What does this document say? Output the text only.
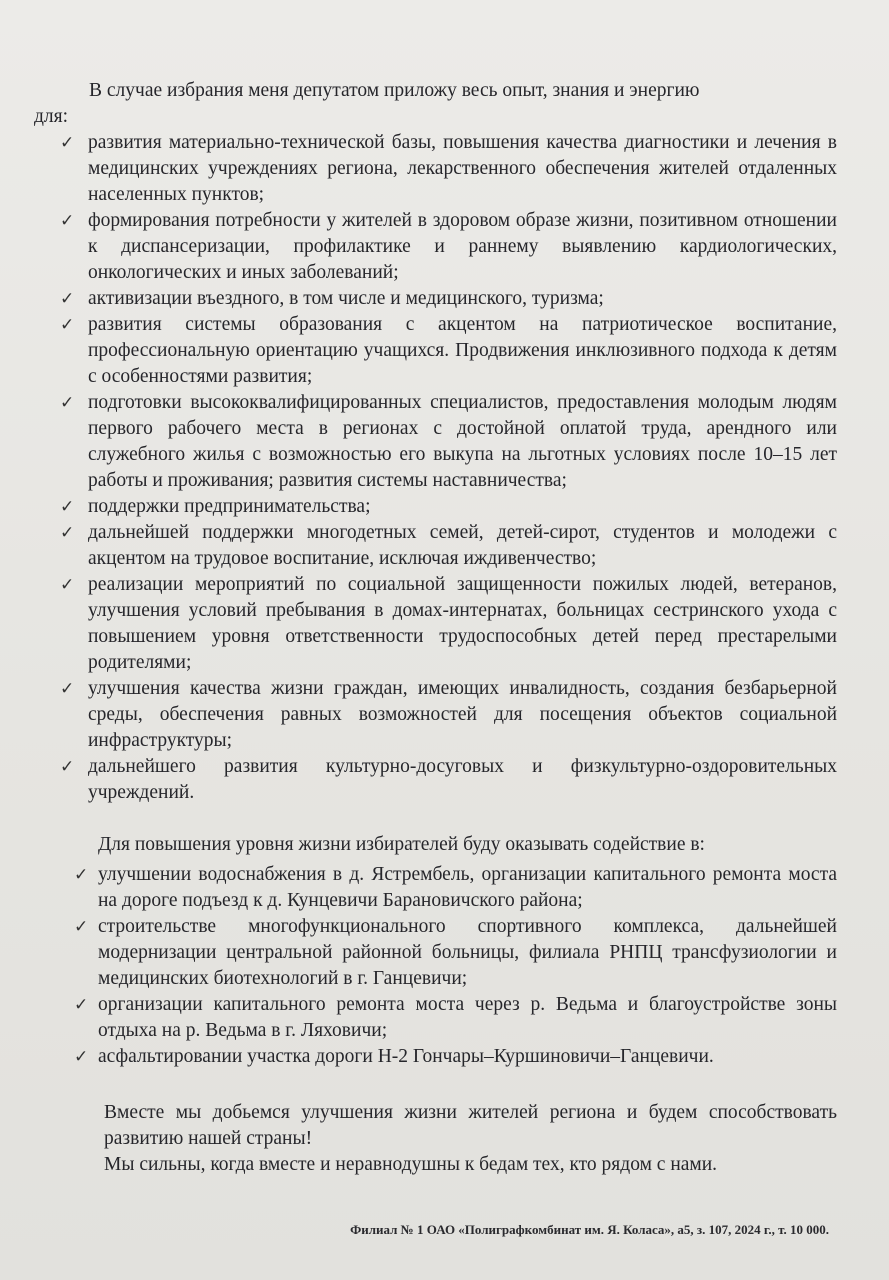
В случае избрания меня депутатом приложу весь опыт, знания и энергию
для:

✓ развития материально-технической базы, повышения качества диагностики и лечения в медицинских учреждениях региона, лекарственного обеспечения жителей отдаленных населенных пунктов;
✓ формирования потребности у жителей в здоровом образе жизни, позитивном отношении к диспансеризации, профилактике и раннему выявлению кардиологических, онкологических и иных заболеваний;
✓ активизации въездного, в том числе и медицинского, туризма;
✓ развития системы образования с акцентом на патриотическое воспитание, профессиональную ориентацию учащихся. Продвижения инклюзивного подхода к детям с особенностями развития;
✓ подготовки высококвалифицированных специалистов, предоставления молодым людям первого рабочего места в регионах с достойной оплатой труда, арендного или служебного жилья с возможностью его выкупа на льготных условиях после 10–15 лет работы и проживания; развития системы наставничества;
✓ поддержки предпринимательства;
✓ дальнейшей поддержки многодетных семей, детей-сирот, студентов и молодежи с акцентом на трудовое воспитание, исключая иждивенчество;
✓ реализации мероприятий по социальной защищенности пожилых людей, ветеранов, улучшения условий пребывания в домах-интернатах, больницах сестринского ухода с повышением уровня ответственности трудоспособных детей перед престарелыми родителями;
✓ улучшения качества жизни граждан, имеющих инвалидность, создания безбарьерной среды, обеспечения равных возможностей для посещения объектов социальной инфраструктуры;
✓ дальнейшего развития культурно-досуговых и физкультурно-оздоровительных учреждений.

Для повышения уровня жизни избирателей буду оказывать содействие в:

✓ улучшении водоснабжения в д. Ястрембель, организации капитального ремонта моста на дороге подъезд к д. Кунцевичи Барановичского района;
✓ строительстве многофункционального спортивного комплекса, дальнейшей модернизации центральной районной больницы, филиала РНПЦ трансфузиологии и медицинских биотехнологий в г. Ганцевичи;
✓ организации капитального ремонта моста через р. Ведьма и благоустройстве зоны отдыха на р. Ведьма в г. Ляховичи;
✓ асфальтировании участка дороги Н-2 Гончары–Куршиновичи–Ганцевичи.

Вместе мы добьемся улучшения жизни жителей региона и будем способствовать развитию нашей страны!

Мы сильны, когда вместе и неравнодушны к бедам тех, кто рядом с нами.

Филиал № 1 ОАО «Полиграфкомбинат им. Я. Коласа», а5, з. 107, 2024 г., т. 10 000.
